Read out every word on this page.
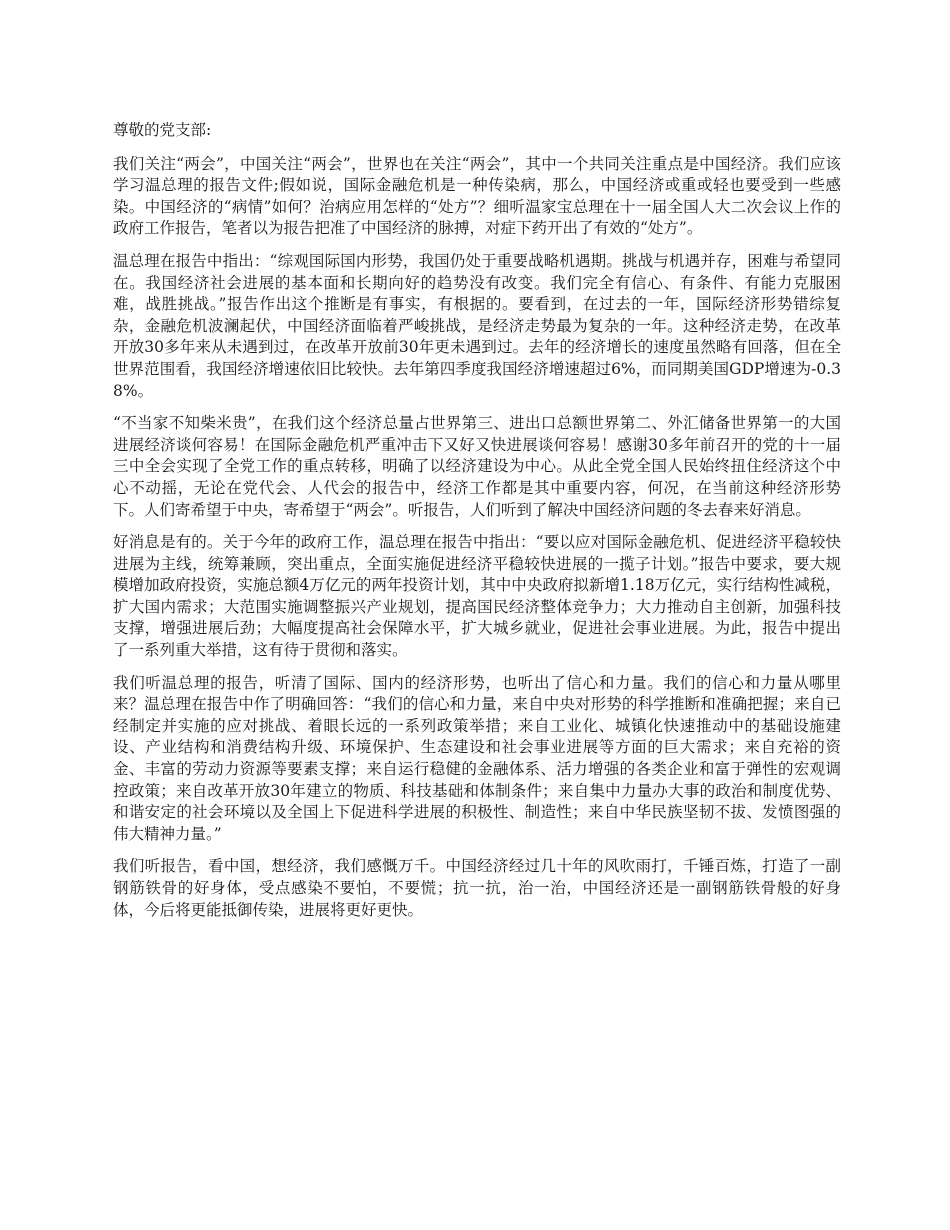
尊敬的党支部:

我们关注“两会”，中国关注“两会”，世界也在关注“两会”，其中一个共同关注重点是中国经济。我们应该学习温总理的报告文件;假如说，国际金融危机是一种传染病，那么，中国经济或重或轻也要受到一些感染。中国经济的“病情”如何？治病应用怎样的“处方”？细听温家宝总理在十一届全国人大二次会议上作的政府工作报告，笔者以为报告把准了中国经济的脉搏，对症下药开出了有效的“处方”。

温总理在报告中指出：“综观国际国内形势，我国仍处于重要战略机遇期。挑战与机遇并存，困难与希望同在。我国经济社会进展的基本面和长期向好的趋势没有改变。我们完全有信心、有条件、有能力克服困难，战胜挑战。”报告作出这个推断是有事实，有根据的。要看到，在过去的一年，国际经济形势错综复杂，金融危机波澜起伏，中国经济面临着严峻挑战，是经济走势最为复杂的一年。这种经济走势，在改革开放30多年来从未遇到过，在改革开放前30年更未遇到过。去年的经济增长的速度虽然略有回落，但在全世界范围看，我国经济增速依旧比较快。去年第四季度我国经济增速超过6%，而同期美国GDP增速为-0.38%。

“不当家不知柴米贵”，在我们这个经济总量占世界第三、进出口总额世界第二、外汇储备世界第一的大国进展经济谈何容易！在国际金融危机严重冲击下又好又快进展谈何容易！感谢30多年前召开的党的十一届三中全会实现了全党工作的重点转移，明确了以经济建设为中心。从此全党全国人民始终扭住经济这个中心不动摇，无论在党代会、人代会的报告中，经济工作都是其中重要内容，何况，在当前这种经济形势下。人们寄希望于中央，寄希望于“两会”。听报告，人们听到了解决中国经济问题的冬去春来好消息。

好消息是有的。关于今年的政府工作，温总理在报告中指出：“要以应对国际金融危机、促进经济平稳较快进展为主线，统筹兼顾，突出重点，全面实施促进经济平稳较快进展的一揽子计划。”报告中要求，要大规模增加政府投资，实施总额4万亿元的两年投资计划，其中中央政府拟新增1.18万亿元，实行结构性减税，扩大国内需求；大范围实施调整振兴产业规划，提高国民经济整体竞争力；大力推动自主创新，加强科技支撑，增强进展后劲；大幅度提高社会保障水平，扩大城乡就业，促进社会事业进展。为此，报告中提出了一系列重大举措，这有待于贯彻和落实。

我们听温总理的报告，听清了国际、国内的经济形势，也听出了信心和力量。我们的信心和力量从哪里来？温总理在报告中作了明确回答：“我们的信心和力量，来自中央对形势的科学推断和准确把握；来自已经制定并实施的应对挑战、着眼长远的一系列政策举措；来自工业化、城镇化快速推动中的基础设施建设、产业结构和消费结构升级、环境保护、生态建设和社会事业进展等方面的巨大需求；来自充裕的资金、丰富的劳动力资源等要素支撑；来自运行稳健的金融体系、活力增强的各类企业和富于弹性的宏观调控政策；来自改革开放30年建立的物质、科技基础和体制条件；来自集中力量办大事的政治和制度优势、和谐安定的社会环境以及全国上下促进科学进展的积极性、制造性；来自中华民族坚韧不拔、发愤图强的伟大精神力量。”

我们听报告，看中国，想经济，我们感慨万千。中国经济经过几十年的风吹雨打，千锤百炼，打造了一副钢筋铁骨的好身体，受点感染不要怕，不要慌；抗一抗，治一治，中国经济还是一副钢筋铁骨般的好身体，今后将更能抵御传染，进展将更好更快。
